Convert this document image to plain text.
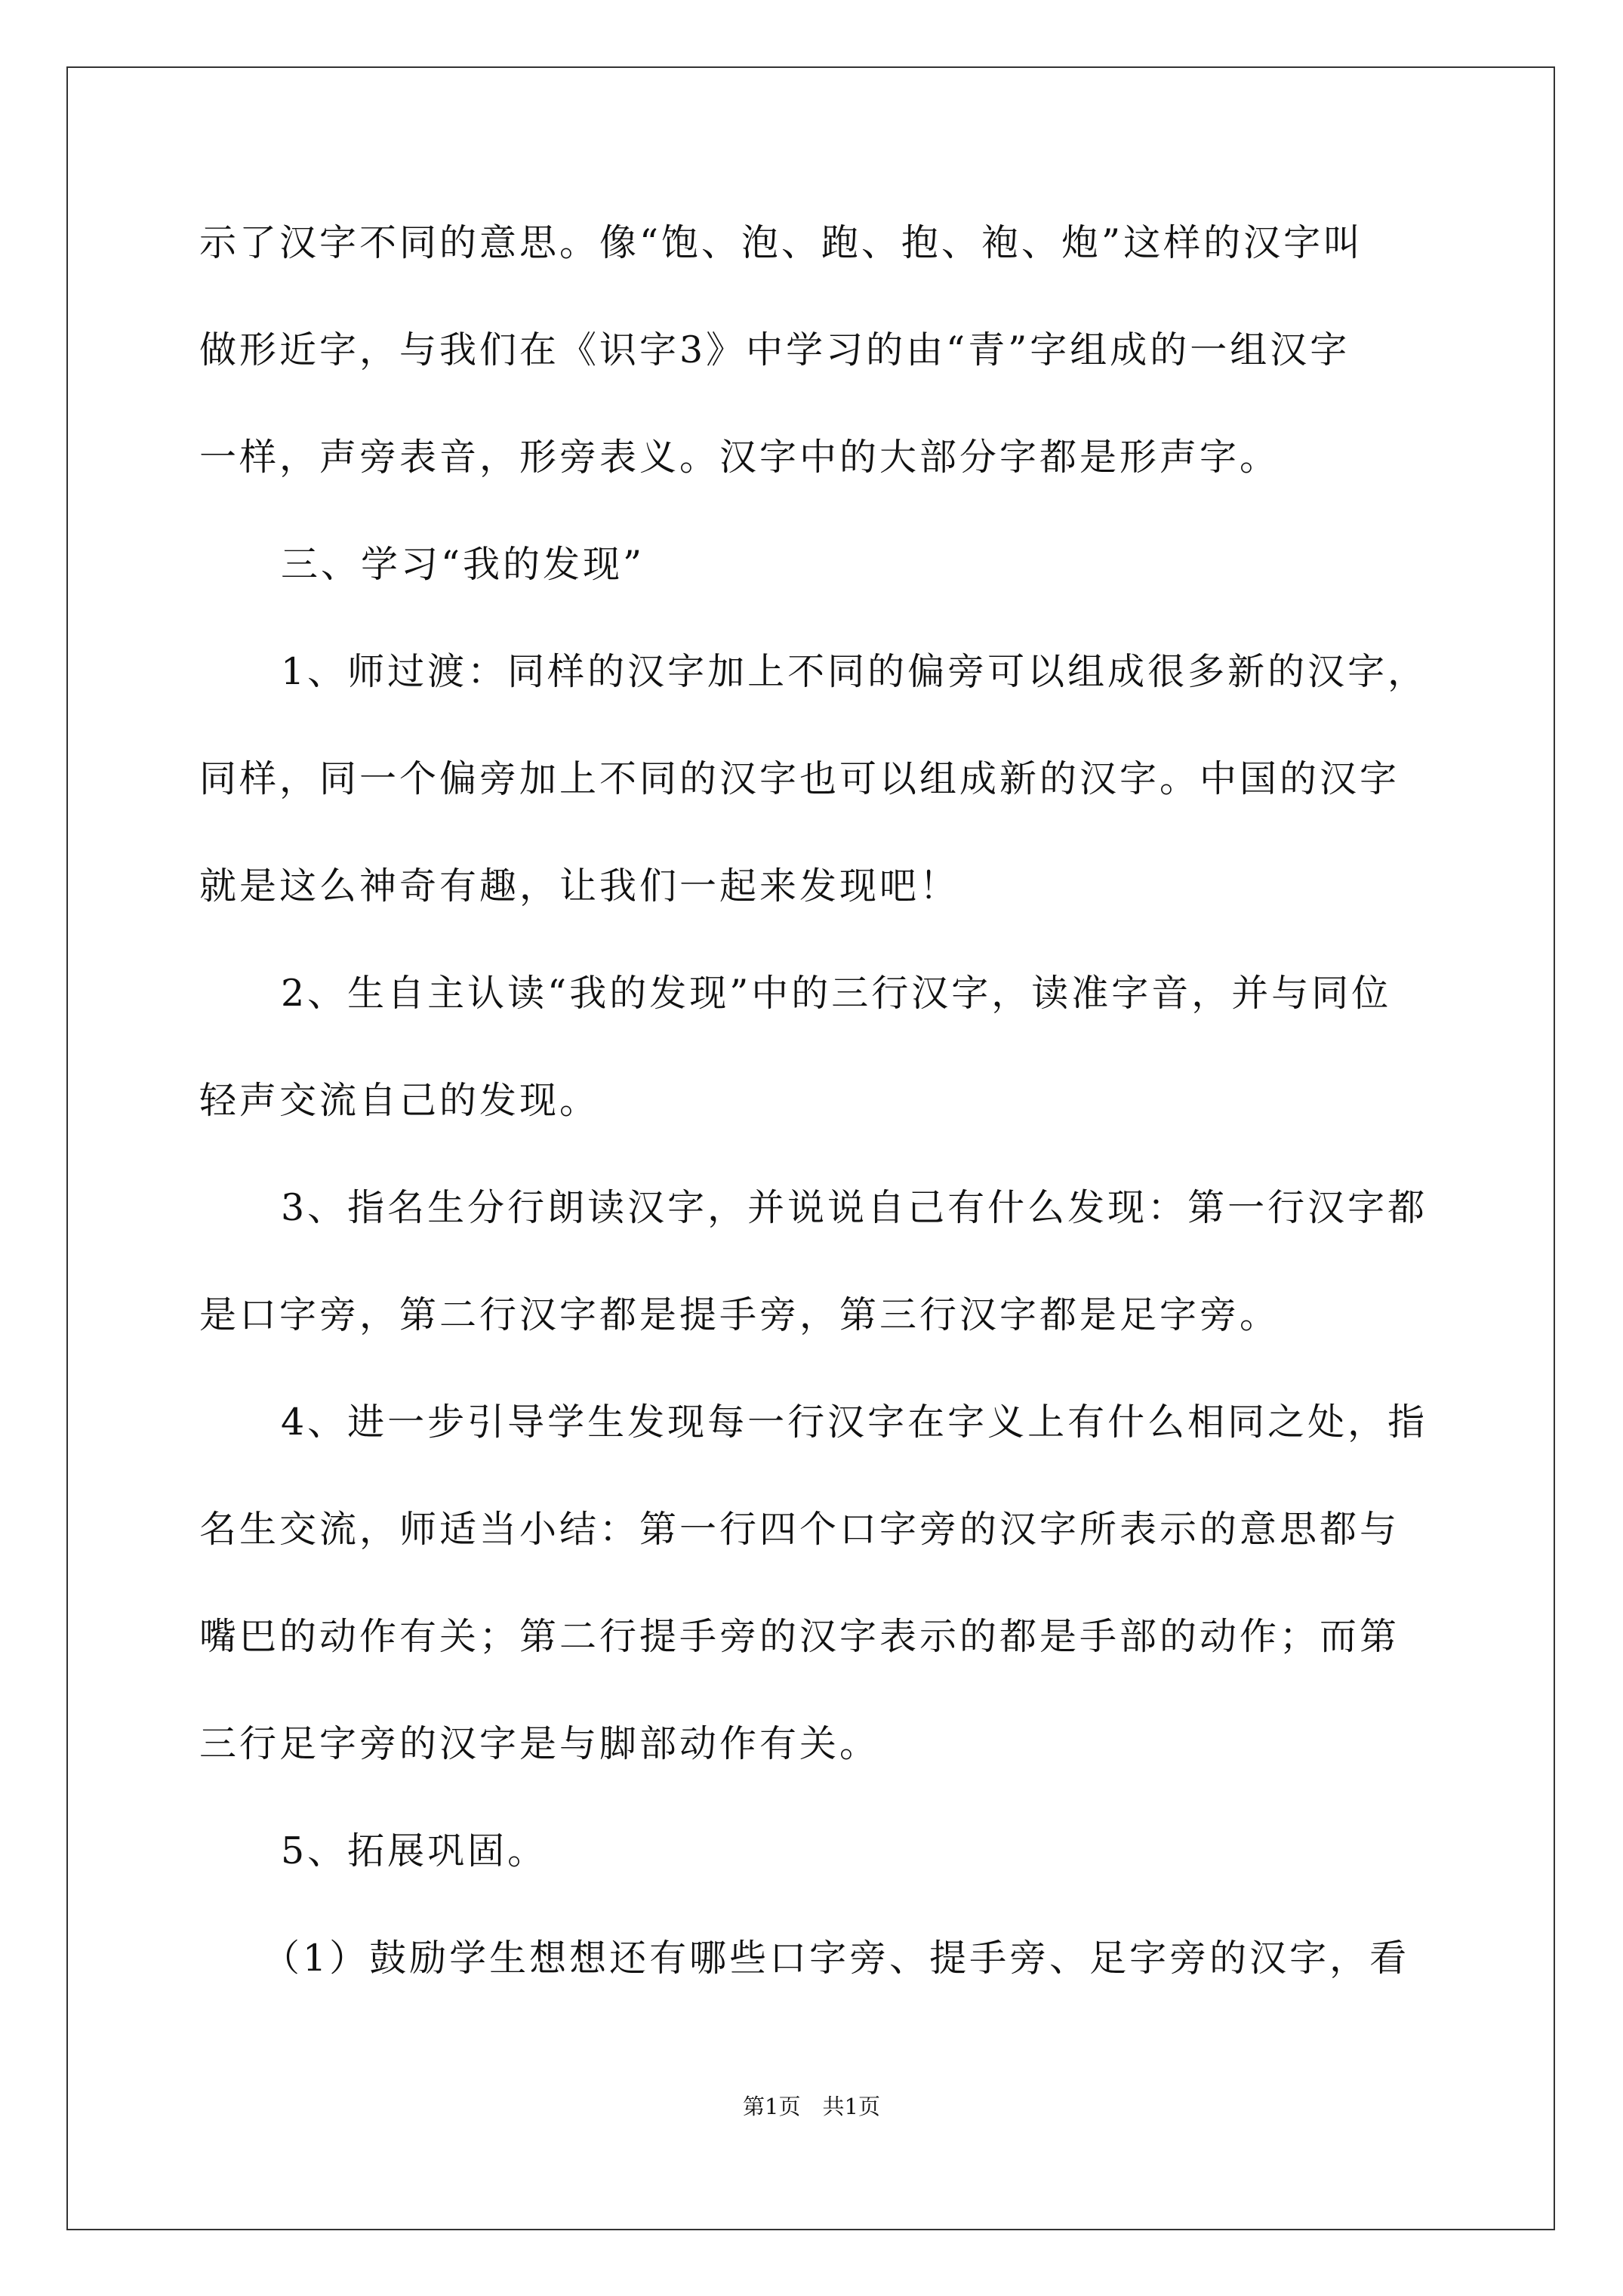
示了汉字不同的意思。像“饱、泡、跑、抱、袍、炮”这样的汉字叫
做形近字，与我们在《识字3》中学习的由“青”字组成的一组汉字
一样，声旁表音，形旁表义。汉字中的大部分字都是形声字。
三、学习“我的发现”
1、师过渡：同样的汉字加上不同的偏旁可以组成很多新的汉字，
同样，同一个偏旁加上不同的汉字也可以组成新的汉字。中国的汉字
就是这么神奇有趣，让我们一起来发现吧！
2、生自主认读“我的发现”中的三行汉字，读准字音，并与同位
轻声交流自己的发现。
3、指名生分行朗读汉字，并说说自己有什么发现：第一行汉字都
是口字旁，第二行汉字都是提手旁，第三行汉字都是足字旁。
4、进一步引导学生发现每一行汉字在字义上有什么相同之处，指
名生交流，师适当小结：第一行四个口字旁的汉字所表示的意思都与
嘴巴的动作有关；第二行提手旁的汉字表示的都是手部的动作；而第
三行足字旁的汉字是与脚部动作有关。
5、拓展巩固。
（1）鼓励学生想想还有哪些口字旁、提手旁、足字旁的汉字，看
第1页　共1页
